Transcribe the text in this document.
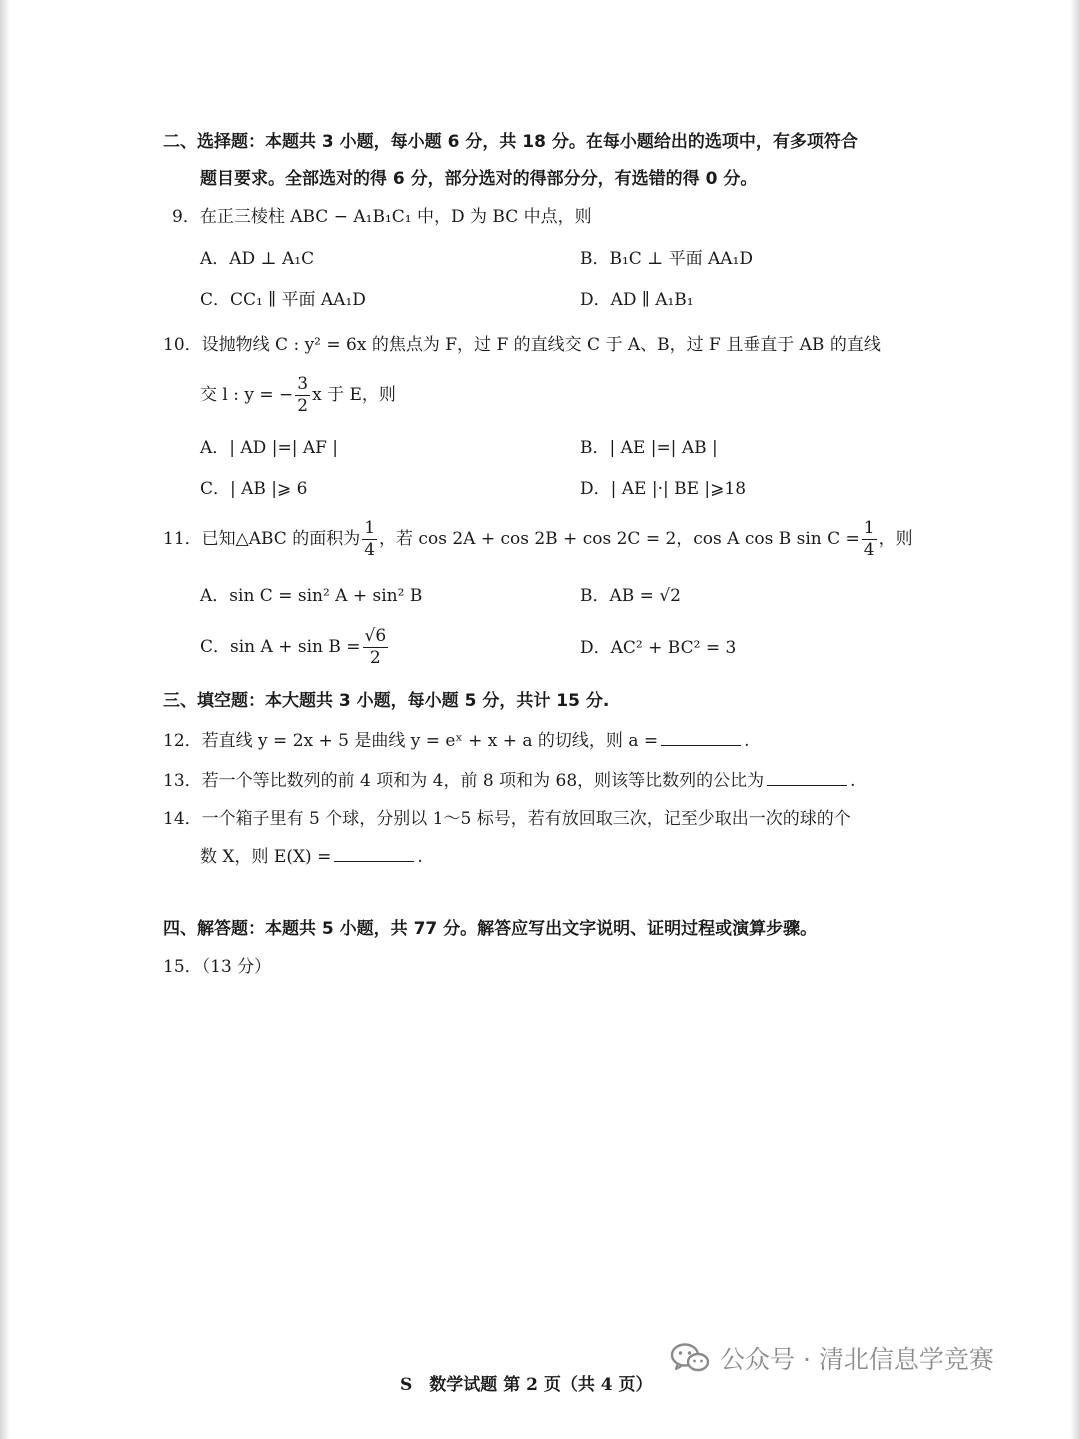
二、选择题：本题共 3 小题，每小题 6 分，共 18 分。在每小题给出的选项中，有多项符合
题目要求。全部选对的得 6 分，部分选对的得部分分，有选错的得 0 分。
9．在正三棱柱 ABC − A₁B₁C₁ 中，D 为 BC 中点，则
A．AD ⊥ A₁C	B．B₁C ⊥ 平面 AA₁D
C．CC₁ ∥ 平面 AA₁D	D．AD ∥ A₁B₁
10．设抛物线 C : y² = 6x 的焦点为 F，过 F 的直线交 C 于 A、B，过 F 且垂直于 AB 的直线
交 l : y = − $\frac{3}{2}$ x 于 E，则
A．| AD |=| AF |	B．| AE |=| AB |
C．| AB |⩾ 6	D．| AE |·| BE |⩾18
11．已知△ABC 的面积为 $\frac{1}{4}$ ，若 cos 2A + cos 2B + cos 2C = 2，cos A cos B $\sin C = \frac{1}{4}$ ，则
A．sin C = sin² A + sin² B	B．AB = √2
C．$\sin A + \sin B = \frac{√6}{2}$	D．AC² + BC² = 3
三、填空题：本大题共 3 小题，每小题 5 分，共计 15 分.
12．若直线 y = 2x + 5 是曲线 y = eˣ + x + a 的切线，则 a =	.
13．若一个等比数列的前 4 项和为 4，前 8 项和为 68，则该等比数列的公比为	.
14．一个箱子里有 5 个球，分别以 1～5 标号，若有放回取三次，记至少取出一次的球的个
数 X，则 E(X) =	.
四、解答题：本题共 5 小题，共 77 分。解答应写出文字说明、证明过程或演算步骤。
15．（13 分）
公众号 · 清北信息学竞赛
S　数学试题 第 2 页（共 4 页）
